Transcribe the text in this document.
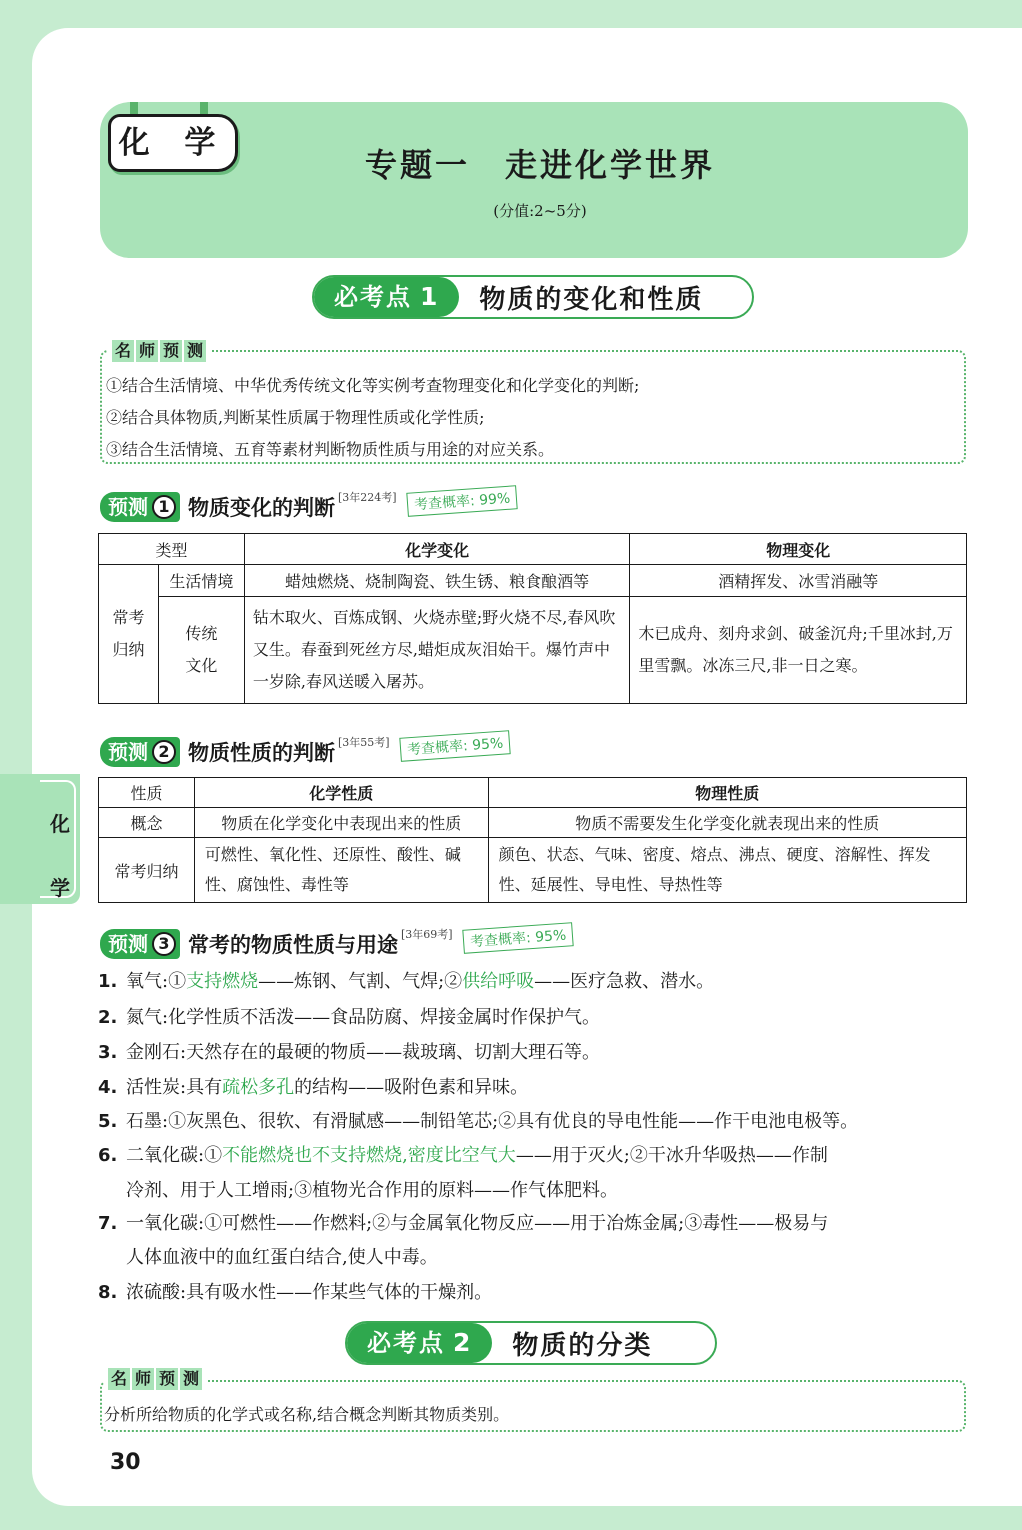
化 学
专题一　走进化学世界
(分值:2~5分)
必考点 1	物质的变化和性质
名 师 预 测
①结合生活情境、中华优秀传统文化等实例考查物理变化和化学变化的判断;
②结合具体物质,判断某性质属于物理性质或化学性质;
③结合生活情境、五育等素材判断物质性质与用途的对应关系。
预测 1 物质变化的判断 [3年224考]	考查概率: 99%
类型		化学变化	物理变化
常考归纳	生活情境	蜡烛燃烧、烧制陶瓷、铁生锈、粮食酿酒等	酒精挥发、冰雪消融等
	传统文化	钻木取火、百炼成钢、火烧赤壁;野火烧不尽,春风吹又生。春蚕到死丝方尽,蜡炬成灰泪始干。爆竹声中一岁除,春风送暖入屠苏。	木已成舟、刻舟求剑、破釜沉舟;千里冰封,万里雪飘。冰冻三尺,非一日之寒。
预测 2 物质性质的判断 [3年55考]	考查概率: 95%
性质	化学性质	物理性质
概念	物质在化学变化中表现出来的性质	物质不需要发生化学变化就表现出来的性质
常考归纳	可燃性、氧化性、还原性、酸性、碱性、腐蚀性、毒性等	颜色、状态、气味、密度、熔点、沸点、硬度、溶解性、挥发性、延展性、导电性、导热性等
化
学
预测 3 常考的物质性质与用途 [3年69考]	考查概率: 95%
1. 氧气:①支持燃烧——炼钢、气割、气焊;②供给呼吸——医疗急救、潜水。
2. 氮气:化学性质不活泼——食品防腐、焊接金属时作保护气。
3. 金刚石:天然存在的最硬的物质——裁玻璃、切割大理石等。
4. 活性炭:具有疏松多孔的结构——吸附色素和异味。
5. 石墨:①灰黑色、很软、有滑腻感——制铅笔芯;②具有优良的导电性能——作干电池电极等。
6. 二氧化碳:①不能燃烧也不支持燃烧,密度比空气大——用于灭火;②干冰升华吸热——作制
冷剂、用于人工增雨;③植物光合作用的原料——作气体肥料。
7. 一氧化碳:①可燃性——作燃料;②与金属氧化物反应——用于冶炼金属;③毒性——极易与
人体血液中的血红蛋白结合,使人中毒。
8. 浓硫酸:具有吸水性——作某些气体的干燥剂。
必考点 2	物质的分类
名 师 预 测
分析所给物质的化学式或名称,结合概念判断其物质类别。
30
